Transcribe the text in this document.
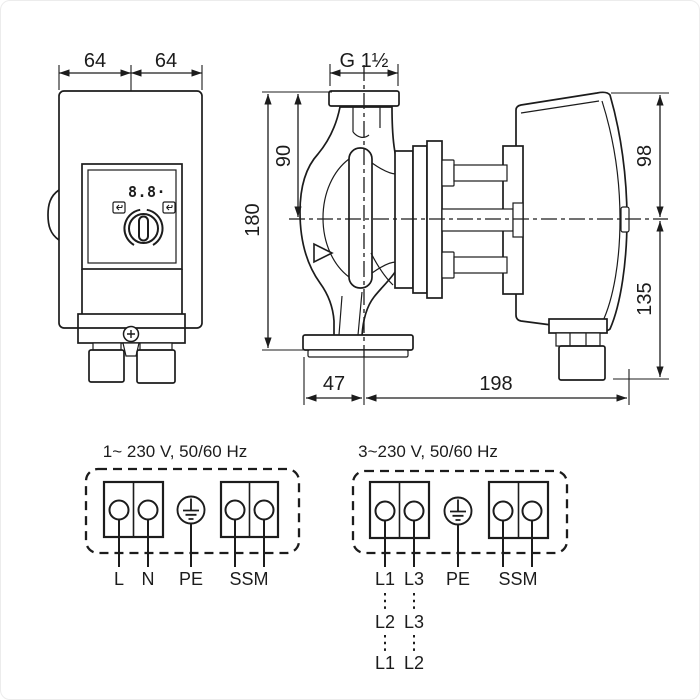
64 64
8.8·
G 1½
90
180
98
135
47	198
1~ 230 V, 50/60 Hz
L N PE SSM
3~230 V, 50/60 Hz
L1 L3 PE SSM
L2 L3
L1 L2
